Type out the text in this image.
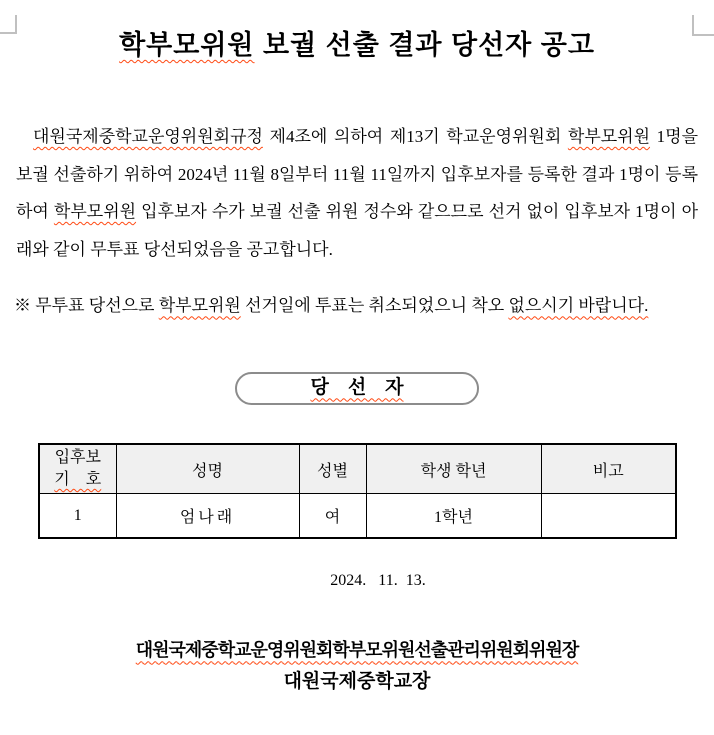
학부모위원 보궐 선출 결과 당선자 공고

대원국제중학교운영위원회규정 제4조에 의하여 제13기 학교운영위원회 학부모위원 1명을 보궐 선출하기 위하여 2024년 11월 8일부터 11월 11일까지 입후보자를 등록한 결과 1명이 등록하여 학부모위원 입후보자 수가 보궐 선출 위원 정수와 같으므로 선거 없이 입후보자 1명이 아래와 같이 무투표 당선되었음을 공고합니다.

※ 무투표 당선으로 학부모위원 선거일에 투표는 취소되었으니 착오 없으시기 바랍니다.

당    선    자
입후보
기    호	성명	성별	학생 학년	비고
1	엄나래	여	1학년	

2024.   11.  13.

대원국제중학교운영위원회학부모위원선출관리위원회위원장

대원국제중학교장
